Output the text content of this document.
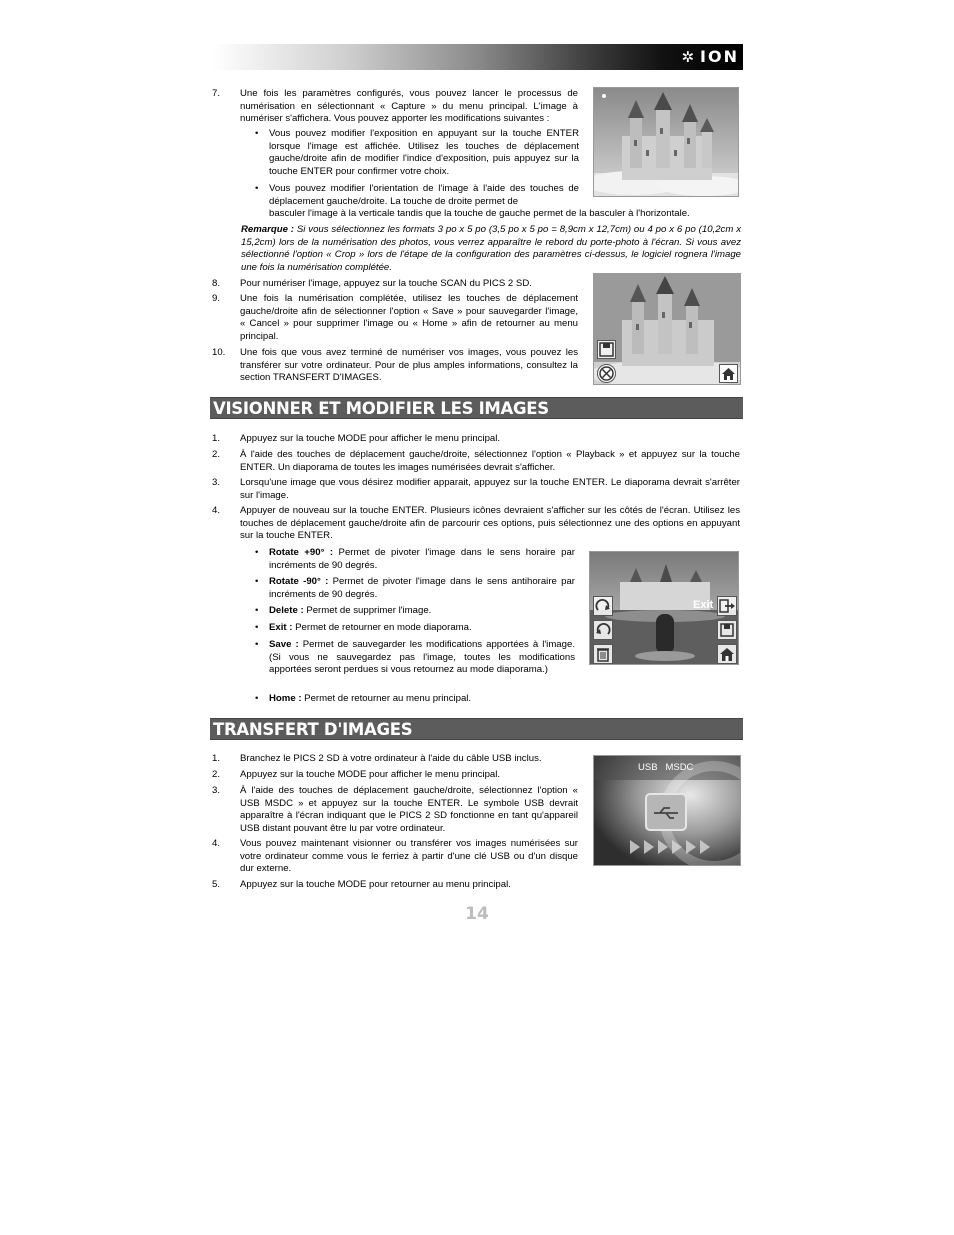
✲ ION
7. Une fois les paramètres configurés, vous pouvez lancer le processus de numérisation en sélectionnant « Capture » du menu principal. L'image à numériser s'affichera. Vous pouvez apporter les modifications suivantes :
• Vous pouvez modifier l'exposition en appuyant sur la touche ENTER lorsque l'image est affichée. Utilisez les touches de déplacement gauche/droite afin de modifier l'indice d'exposition, puis appuyez sur la touche ENTER pour confirmer votre choix.
• Vous pouvez modifier l'orientation de l'image à l'aide des touches de déplacement gauche/droite. La touche de droite permet de
basculer l'image à la verticale tandis que la touche de gauche permet de la basculer à l'horizontale.
Remarque : Si vous sélectionnez les formats 3 po x 5 po (3,5 po x 5 po = 8,9cm x 12,7cm) ou 4 po x 6 po (10,2cm x 15,2cm) lors de la numérisation des photos, vous verrez apparaître le rebord du porte-photo à l'écran. Si vous avez sélectionné l'option « Crop » lors de l'étape de la configuration des paramètres ci-dessus, le logiciel rognera l'image une fois la numérisation complétée.
8. Pour numériser l'image, appuyez sur la touche SCAN du PICS 2 SD.
9. Une fois la numérisation complétée, utilisez les touches de déplacement gauche/droite afin de sélectionner l'option « Save » pour sauvegarder l'image, « Cancel » pour supprimer l'image ou « Home » afin de retourner au menu principal.
10. Une fois que vous avez terminé de numériser vos images, vous pouvez les transférer sur votre ordinateur. Pour de plus amples informations, consultez la section TRANSFERT D'IMAGES.
VISIONNER ET MODIFIER LES IMAGES
1. Appuyez sur la touche MODE pour afficher le menu principal.
2. À l'aide des touches de déplacement gauche/droite, sélectionnez l'option « Playback » et appuyez sur la touche ENTER. Un diaporama de toutes les images numérisées devrait s'afficher.
3. Lorsqu'une image que vous désirez modifier apparait, appuyez sur la touche ENTER. Le diaporama devrait s'arrêter sur l'image.
4. Appuyer de nouveau sur la touche ENTER. Plusieurs icônes devraient s'afficher sur les côtés de l'écran. Utilisez les touches de déplacement gauche/droite afin de parcourir ces options, puis sélectionnez une des options en appuyant sur la touche ENTER.
• Rotate +90° : Permet de pivoter l'image dans le sens horaire par incréments de 90 degrés.
• Rotate -90° : Permet de pivoter l'image dans le sens antihoraire par incréments de 90 degrés.
• Delete : Permet de supprimer l'image.
• Exit : Permet de retourner en mode diaporama.
• Save : Permet de sauvegarder les modifications apportées à l'image. (Si vous ne sauvegardez pas l'image, toutes les modifications apportées seront perdues si vous retournez au mode diaporama.)
• Home : Permet de retourner au menu principal.
Exit
TRANSFERT D'IMAGES
1. Branchez le PICS 2 SD à votre ordinateur à l'aide du câble USB inclus.
2. Appuyez sur la touche MODE pour afficher le menu principal.
3. À l'aide des touches de déplacement gauche/droite, sélectionnez l'option « USB MSDC » et appuyez sur la touche ENTER. Le symbole USB devrait apparaître à l'écran indiquant que le PICS 2 SD fonctionne en tant qu'appareil USB distant pouvant être lu par votre ordinateur.
4. Vous pouvez maintenant visionner ou transférer vos images numérisées sur votre ordinateur comme vous le ferriez à partir d'une clé USB ou d'un disque dur externe.
5. Appuyez sur la touche MODE pour retourner au menu principal.
USB   MSDC
14
